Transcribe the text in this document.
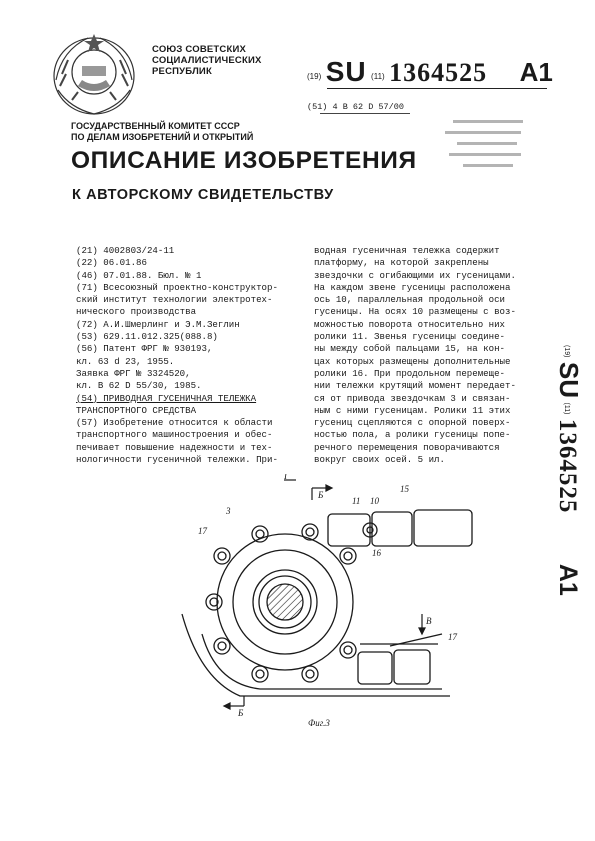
СОЮЗ СОВЕТСКИХ
СОЦИАЛИСТИЧЕСКИХ
РЕСПУБЛИК	(19) SU (11) 1364525 А1
(51) 4 B 62 D 57/00
ГОСУДАРСТВЕННЫЙ КОМИТЕТ СССР
ПО ДЕЛАМ ИЗОБРЕТЕНИЙ И ОТКРЫТИЙ
ОПИСАНИЕ ИЗОБРЕТЕНИЯ
К АВТОРСКОМУ СВИДЕТЕЛЬСТВУ
(21) 4002803/24-11
(22) 06.01.86
(46) 07.01.88. Бюл. № 1
(71) Всесоюзный проектно-конструктор-
ский институт технологии электротех-
нического производства
(72) А.И.Шмерлинг и Э.М.Зеглин
(53) 629.11.012.325(088.8)
(56) Патент ФРГ № 930193,
кл. 63 d 23, 1955.
Заявка ФРГ № 3324520,
кл. B 62 D 55/30, 1985.
(54) ПРИВОДНАЯ ГУСЕНИЧНАЯ ТЕЛЕЖКА
ТРАНСПОРТНОГО СРЕДСТВА
(57) Изобретение относится к области
транспортного машиностроения и обес-
печивает повышение надежности и тех-
нологичности гусеничной тележки. При-
водная гусеничная тележка содержит
платформу, на которой закреплены
звездочки с огибающими их гусеницами.
На каждом звене гусеницы расположена
ось 10, параллельная продольной оси
гусеницы. На осях 10 размещены с воз-
можностью поворота относительно них
ролики 11. Звенья гусеницы соедине-
ны между собой пальцами 15, на кон-
цах которых размещены дополнительные
ролики 16. При продольном перемеще-
нии тележки крутящий момент передает-
ся от привода звездочкам 3 и связан-
ным с ними гусеницам. Ролики 11 этих
гусениц сцепляются с опорной поверх-
ностью пола, а ролики гусеницы попе-
речного перемещения поворачиваются
вокруг своих осей. 5 ил.
(19) SU (11) 1364525 А1
I
Б
Б
В
3
10
11
15
16
17
17
Фиг.3
